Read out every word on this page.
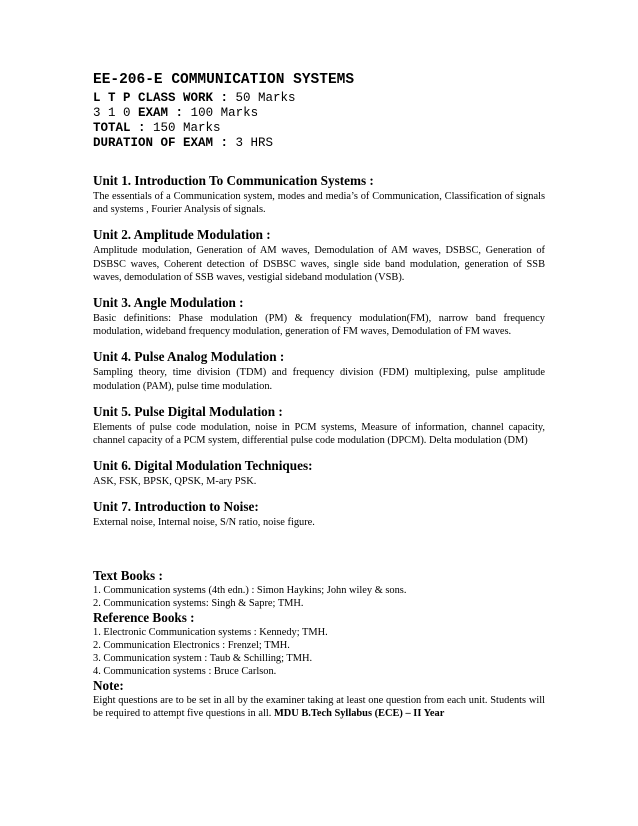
EE-206-E COMMUNICATION SYSTEMS
L T P CLASS WORK : 50 Marks
3 1 0 EXAM : 100 Marks
TOTAL : 150 Marks
DURATION OF EXAM : 3 HRS
Unit 1. Introduction To Communication Systems :

The essentials of a Communication system, modes and media’s of Communication, Classification of signals and systems , Fourier Analysis of signals.

Unit 2. Amplitude Modulation :

Amplitude modulation, Generation of AM waves, Demodulation of AM waves, DSBSC, Generation of DSBSC waves, Coherent detection of DSBSC waves, single side band modulation, generation of SSB waves, demodulation of SSB waves, vestigial sideband modulation (VSB).

Unit 3. Angle Modulation :

Basic definitions: Phase modulation (PM) & frequency modulation(FM), narrow band frequency modulation, wideband frequency modulation, generation of FM waves, Demodulation of FM waves.

Unit 4. Pulse Analog Modulation :

Sampling theory, time division (TDM) and frequency division (FDM) multiplexing, pulse amplitude modulation (PAM), pulse time modulation.

Unit 5. Pulse Digital Modulation :

Elements of pulse code modulation, noise in PCM systems, Measure of information, channel capacity, channel capacity of a PCM system, differential pulse code modulation (DPCM). Delta modulation (DM)

Unit 6. Digital Modulation Techniques:

ASK, FSK, BPSK, QPSK, M-ary PSK.

Unit 7. Introduction to Noise:

External noise, Internal noise, S/N ratio, noise figure.

Text Books :
1. Communication systems (4th edn.) : Simon Haykins; John wiley & sons.
2. Communication systems: Singh & Sapre; TMH.
Reference Books :
1. Electronic Communication systems : Kennedy; TMH.
2. Communication Electronics : Frenzel; TMH.
3. Communication system : Taub & Schilling; TMH.
4. Communication systems : Bruce Carlson.
Note:

Eight questions are to be set in all by the examiner taking at least one question from each unit. Students will be required to attempt five questions in all. MDU B.Tech Syllabus (ECE) – II Year
